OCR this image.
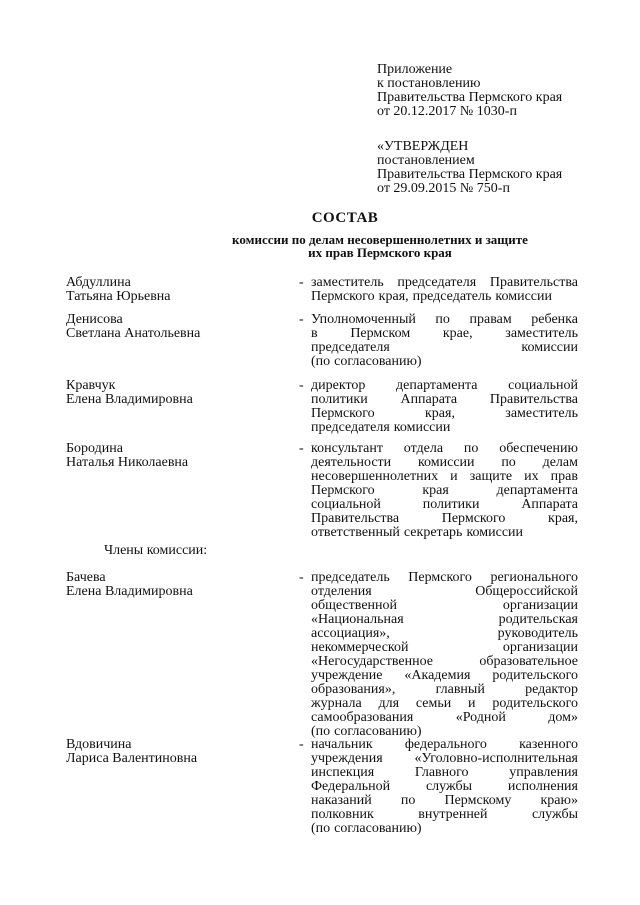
Приложение
к постановлению
Правительства Пермского края
от 20.12.2017 № 1030-п
«УТВЕРЖДЕН
постановлением
Правительства Пермского края
от 29.09.2015 № 750-п
СОСТАВ
комиссии по делам несовершеннолетних и защите
их прав Пермского края
Абдуллина
Татьяна Юрьевна
- заместитель председателя Правительства
Пермского края, председатель комиссии
Денисова
Светлана Анатольевна
- Уполномоченный по правам ребенка
в Пермском крае, заместитель
председателя	комиссии
(по согласованию)
Кравчук
Елена Владимировна
- директор департамента социальной
политики Аппарата Правительства
Пермского	края,	заместитель
председателя комиссии
Бородина
Наталья Николаевна
- консультант отдела по обеспечению
деятельности комиссии по делам
несовершеннолетних и защите их прав
Пермского	края	департамента
социальной	политики	Аппарата
Правительства	Пермского	края,
ответственный секретарь комиссии
Бачева
Елена Владимировна
- председатель Пермского регионального
отделения	Общероссийской
общественной	организации
«Национальная	родительская
ассоциация»,	руководитель
некоммерческой	организации
«Негосударственное	образовательное
учреждение «Академия родительского
образования»,	главный	редактор
журнала для семьи и родительского
самообразования	«Родной	дом»
(по согласованию)
Вдовичина
Лариса Валентиновна
- начальник федерального казенного
учреждения «Уголовно-исполнительная
инспекция	Главного	управления
Федеральной	службы	исполнения
наказаний по Пермскому краю»
полковник	внутренней	службы
(по согласованию)
Члены комиссии:
